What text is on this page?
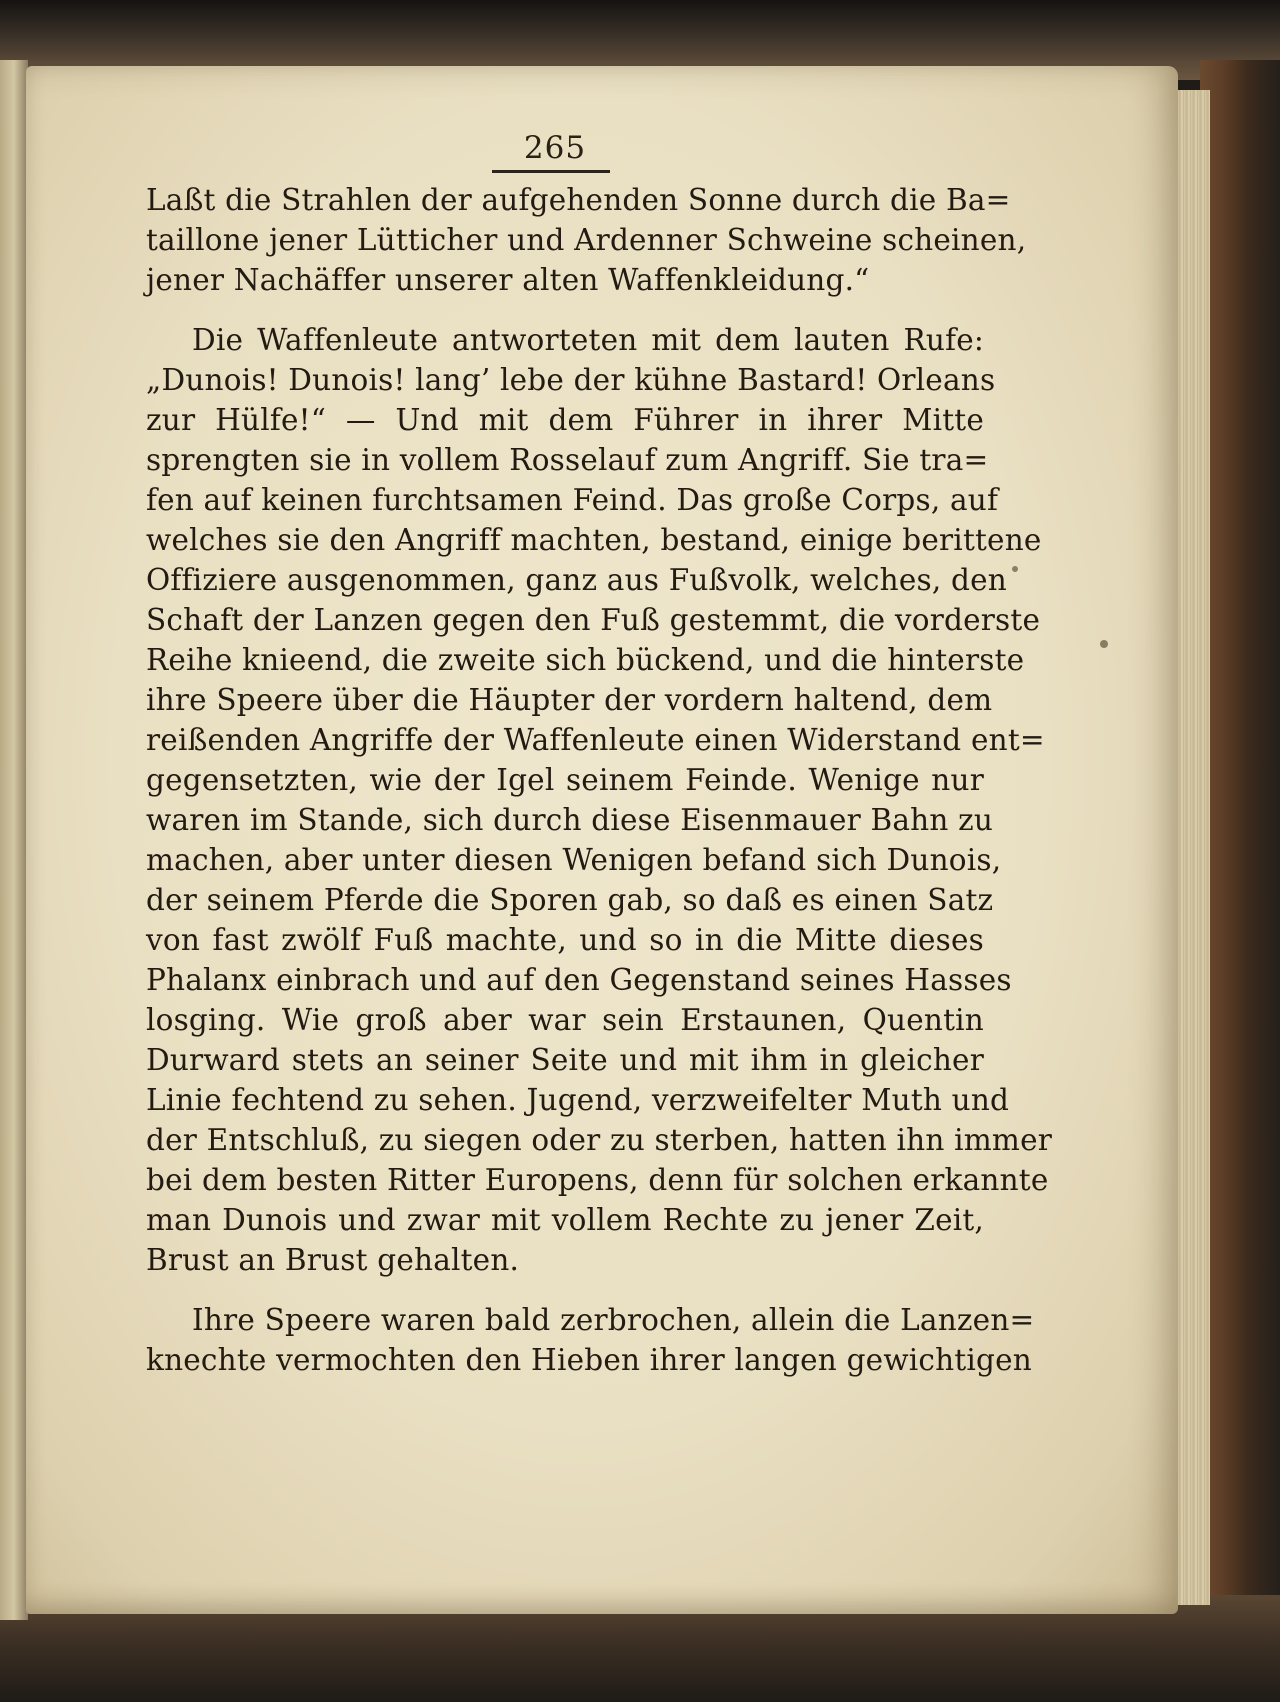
265
Laßt die Strahlen der aufgehenden Sonne durch die Ba=
taillone jener Lütticher und Ardenner Schweine scheinen,
jener Nachäffer unserer alten Waffenkleidung.“
Die Waffenleute antworteten mit dem lauten Rufe:
„Dunois! Dunois! lang’ lebe der kühne Bastard! Orleans
zur Hülfe!“ — Und mit dem Führer in ihrer Mitte
sprengten sie in vollem Rosselauf zum Angriff. Sie tra=
fen auf keinen furchtsamen Feind. Das große Corps, auf
welches sie den Angriff machten, bestand, einige berittene
Offiziere ausgenommen, ganz aus Fußvolk, welches, den
Schaft der Lanzen gegen den Fuß gestemmt, die vorderste
Reihe knieend, die zweite sich bückend, und die hinterste
ihre Speere über die Häupter der vordern haltend, dem
reißenden Angriffe der Waffenleute einen Widerstand ent=
gegensetzten, wie der Igel seinem Feinde. Wenige nur
waren im Stande, sich durch diese Eisenmauer Bahn zu
machen, aber unter diesen Wenigen befand sich Dunois,
der seinem Pferde die Sporen gab, so daß es einen Satz
von fast zwölf Fuß machte, und so in die Mitte dieses
Phalanx einbrach und auf den Gegenstand seines Hasses
losging. Wie groß aber war sein Erstaunen, Quentin
Durward stets an seiner Seite und mit ihm in gleicher
Linie fechtend zu sehen. Jugend, verzweifelter Muth und
der Entschluß, zu siegen oder zu sterben, hatten ihn immer
bei dem besten Ritter Europens, denn für solchen erkannte
man Dunois und zwar mit vollem Rechte zu jener Zeit,
Brust an Brust gehalten.
Ihre Speere waren bald zerbrochen, allein die Lanzen=
knechte vermochten den Hieben ihrer langen gewichtigen
